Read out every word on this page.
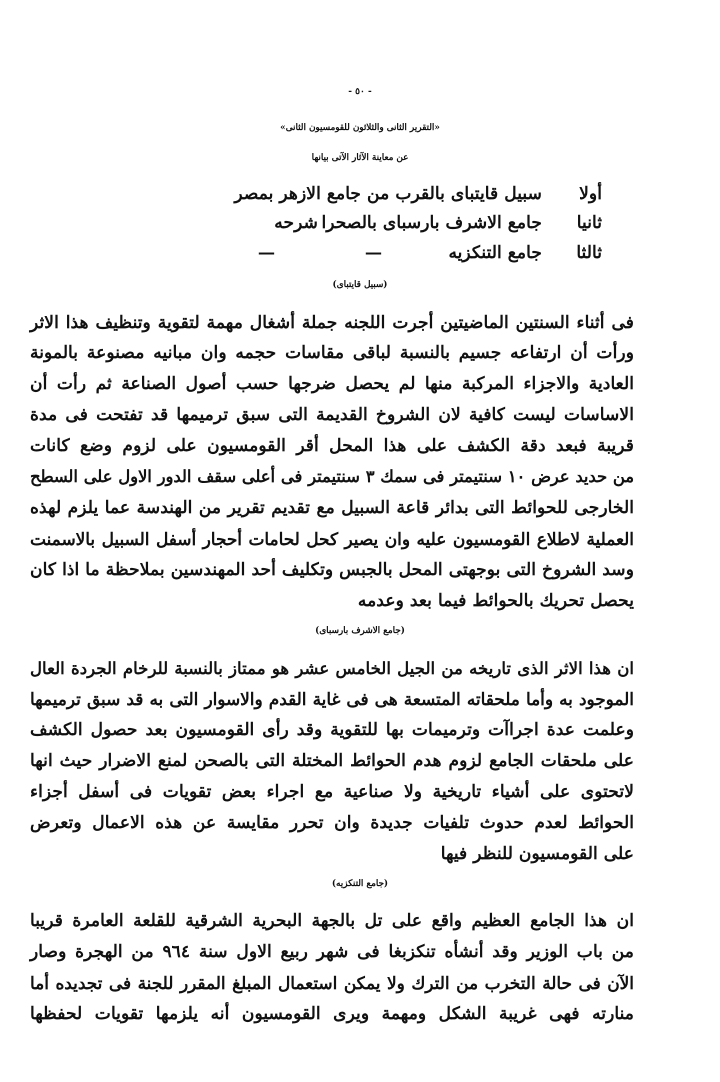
- ٥٠ -
«التقرير الثانى والثلاثون للقومسيون الثانى»
عن معاينة الآثار الآتى بيانها
أولا
سبيل قايتباى بالقرب من جامع الازهر بمصر
ثانيا
جامع الاشرف بارسباى بالصحرا
شرحه
ثالثا
جامع التنكزيه
—
—
(سبيل قايتباى)
فى أثناء السنتين الماضيتين أجرت اللجنه جملة أشغال مهمة لتقوية وتنظيف هذا الاثر
ورأت أن ارتفاعه جسيم بالنسبة لباقى مقاسات حجمه وان مبانيه مصنوعة بالمونة
العادية والاجزاء المركبة منها لم يحصل ضرجها حسب أصول الصناعة ثم رأت أن
الاساسات ليست كافية لان الشروخ القديمة التى سبق ترميمها قد تفتحت فى مدة
قريبة فبعد دقة الكشف على هذا المحل أقر القومسيون على لزوم وضع كانات
من حديد عرض ١٠ سنتيمتر فى سمك ٣ سنتيمتر فى أعلى سقف الدور الاول على السطح
الخارجى للحوائط التى بدائر قاعة السبيل مع تقديم تقرير من الهندسة عما يلزم لهذه
العملية لاطلاع القومسيون عليه وان يصير كحل لحامات أحجار أسفل السبيل بالاسمنت
وسد الشروخ التى بوجهتى المحل بالجبس وتكليف أحد المهندسين بملاحظة ما اذا كان
يحصل تحريك بالحوائط فيما بعد وعدمه
(جامع الاشرف بارسباى)
ان هذا الاثر الذى تاريخه من الجيل الخامس عشر هو ممتاز بالنسبة للرخام الجردة العال
الموجود به وأما ملحقاته المتسعة هى فى غاية القدم والاسوار التى به قد سبق ترميمها
وعلمت عدة اجراآت وترميمات بها للتقوية وقد رأى القومسيون بعد حصول الكشف
على ملحقات الجامع لزوم هدم الحوائط المختلة التى بالصحن لمنع الاضرار حيث انها
لاتحتوى على أشياء تاريخية ولا صناعية مع اجراء بعض تقويات فى أسفل أجزاء
الحوائط لعدم حدوث تلفيات جديدة وان تحرر مقايسة عن هذه الاعمال وتعرض
على القومسيون للنظر فيها
(جامع التنكزيه)
ان هذا الجامع العظيم واقع على تل بالجهة البحرية الشرقية للقلعة العامرة قريبا
من باب الوزير وقد أنشأه تنكزبغا فى شهر ربيع الاول سنة ٩٦٤ من الهجرة وصار
الآن فى حالة التخرب من الترك ولا يمكن استعمال المبلغ المقرر للجنة فى تجديده أما
منارته فهى غريبة الشكل ومهمة ويرى القومسيون أنه يلزمها تقويات لحفظها
